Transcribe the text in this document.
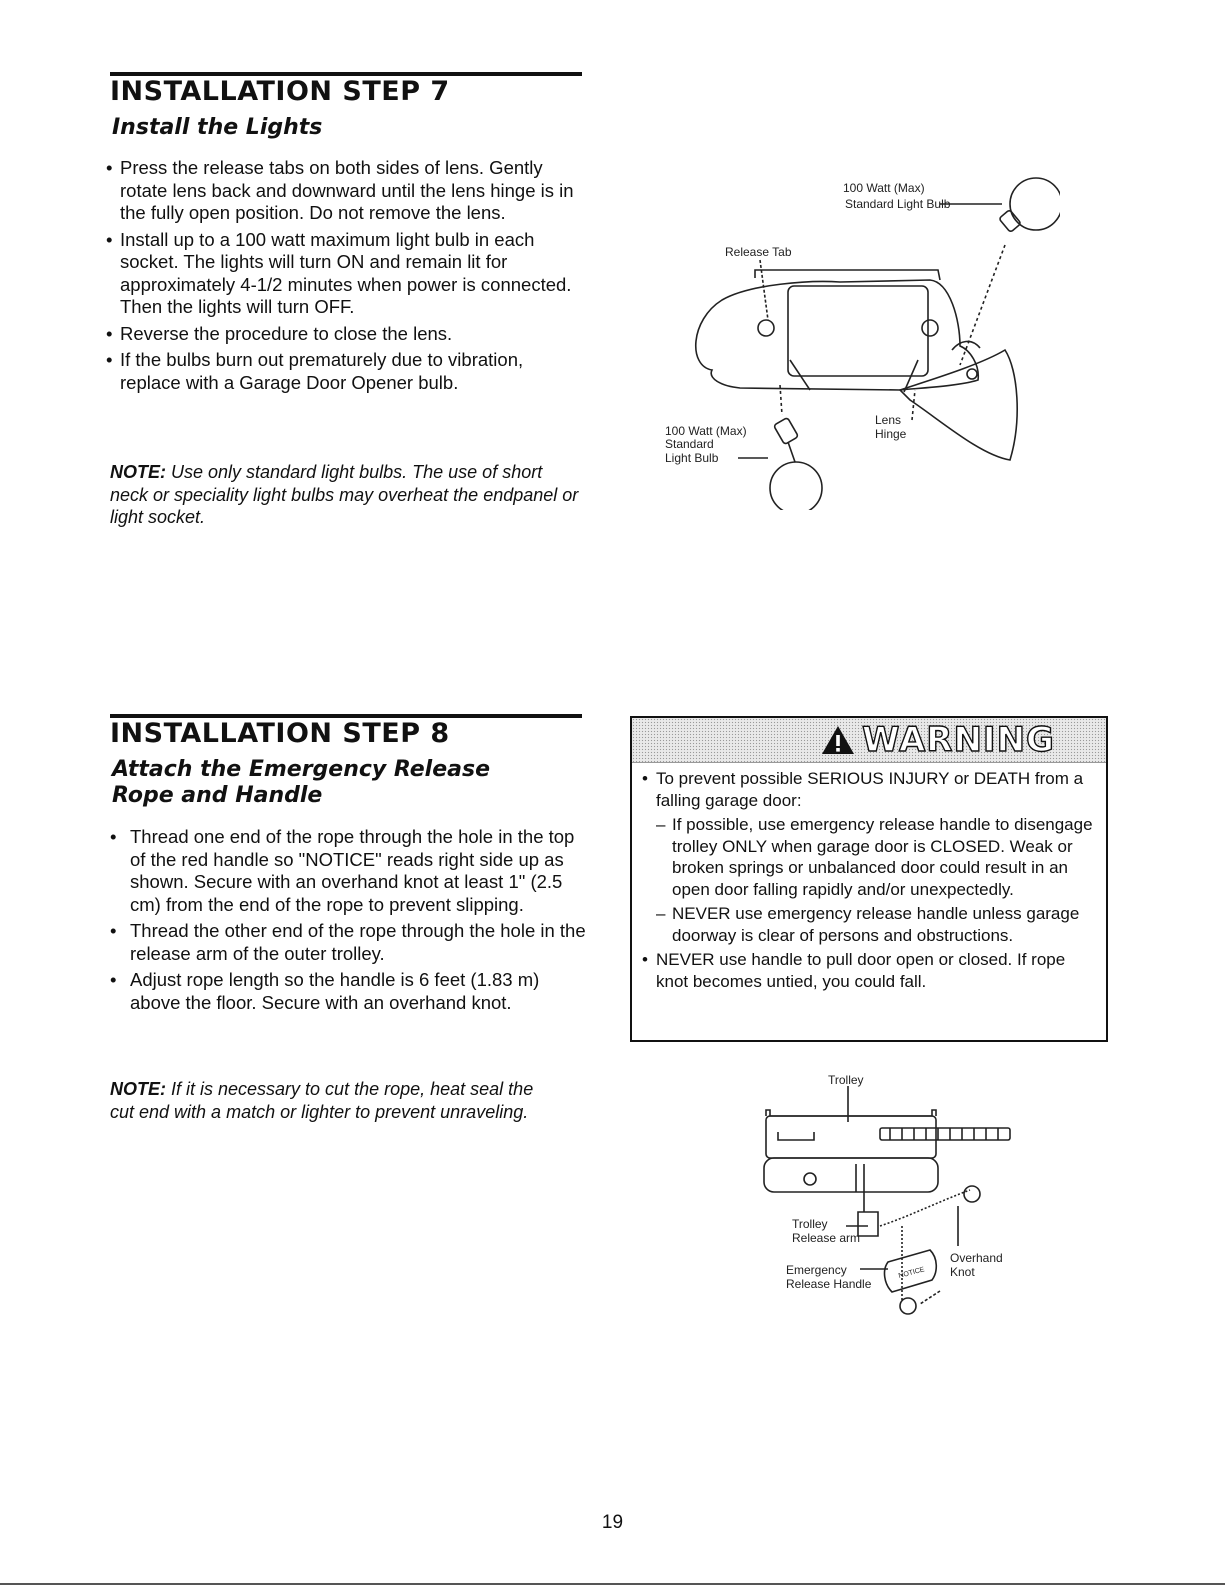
INSTALLATION STEP 7
Install the Lights
• Press the release tabs on both sides of lens. Gently rotate lens back and downward until the lens hinge is in the fully open position. Do not remove the lens.
• Install up to a 100 watt maximum light bulb in each socket. The lights will turn ON and remain lit for approximately 4-1/2 minutes when power is connected. Then the lights will turn OFF.
• Reverse the procedure to close the lens.
• If the bulbs burn out prematurely due to vibration, replace with a Garage Door Opener bulb.
NOTE: Use only standard light bulbs. The use of short neck or speciality light bulbs may overheat the endpanel or light socket.
100 Watt (Max)
Standard Light Bulb
Release Tab
100 Watt (Max)
Standard
Light Bulb
Lens
Hinge
INSTALLATION STEP 8
Attach the Emergency Release
Rope and Handle
• Thread one end of the rope through the hole in the top of the red handle so "NOTICE" reads right side up as shown. Secure with an overhand knot at least 1" (2.5 cm) from the end of the rope to prevent slipping.
• Thread the other end of the rope through the hole in the release arm of the outer trolley.
• Adjust rope length so the handle is 6 feet (1.83 m) above the floor. Secure with an overhand knot.
NOTE: If it is necessary to cut the rope, heat seal the cut end with a match or lighter to prevent unraveling.
WARNING
• To prevent possible SERIOUS INJURY or DEATH from a falling garage door:
– If possible, use emergency release handle to disengage trolley ONLY when garage door is CLOSED. Weak or broken springs or unbalanced door could result in an open door falling rapidly and/or unexpectedly.
– NEVER use emergency release handle unless garage doorway is clear of persons and obstructions.
• NEVER use handle to pull door open or closed. If rope knot becomes untied, you could fall.
Trolley
Trolley
Release arm
Emergency
Release Handle
Overhand
Knot
NOTICE
19
